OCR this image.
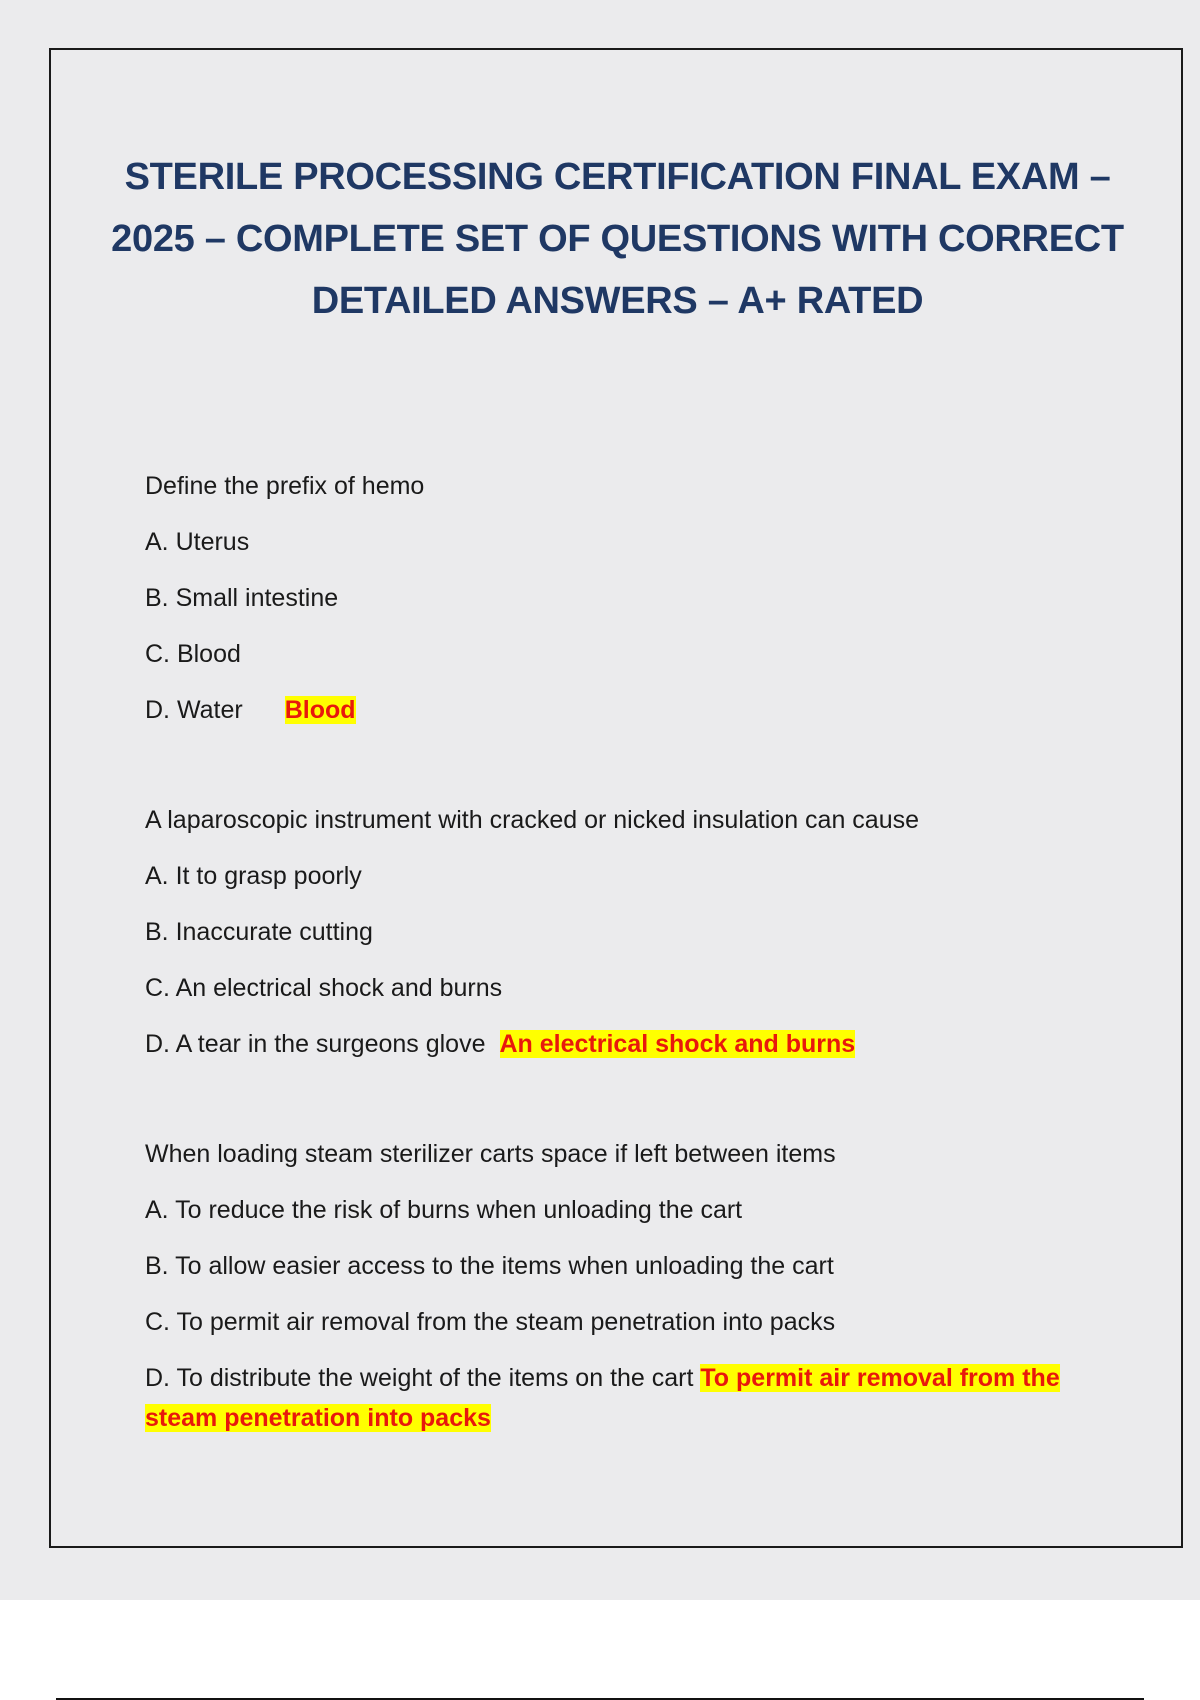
STERILE PROCESSING CERTIFICATION FINAL EXAM – 2025 – COMPLETE SET OF QUESTIONS WITH CORRECT DETAILED ANSWERS – A+ RATED
Define the prefix of hemo
A. Uterus
B. Small intestine
C. Blood
D. Water Blood
A laparoscopic instrument with cracked or nicked insulation can cause
A. It to grasp poorly
B. Inaccurate cutting
C. An electrical shock and burns
D. A tear in the surgeons glove An electrical shock and burns
When loading steam sterilizer carts space if left between items
A. To reduce the risk of burns when unloading the cart
B. To allow easier access to the items when unloading the cart
C. To permit air removal from the steam penetration into packs
D. To distribute the weight of the items on the cart To permit air removal from the steam penetration into packs
